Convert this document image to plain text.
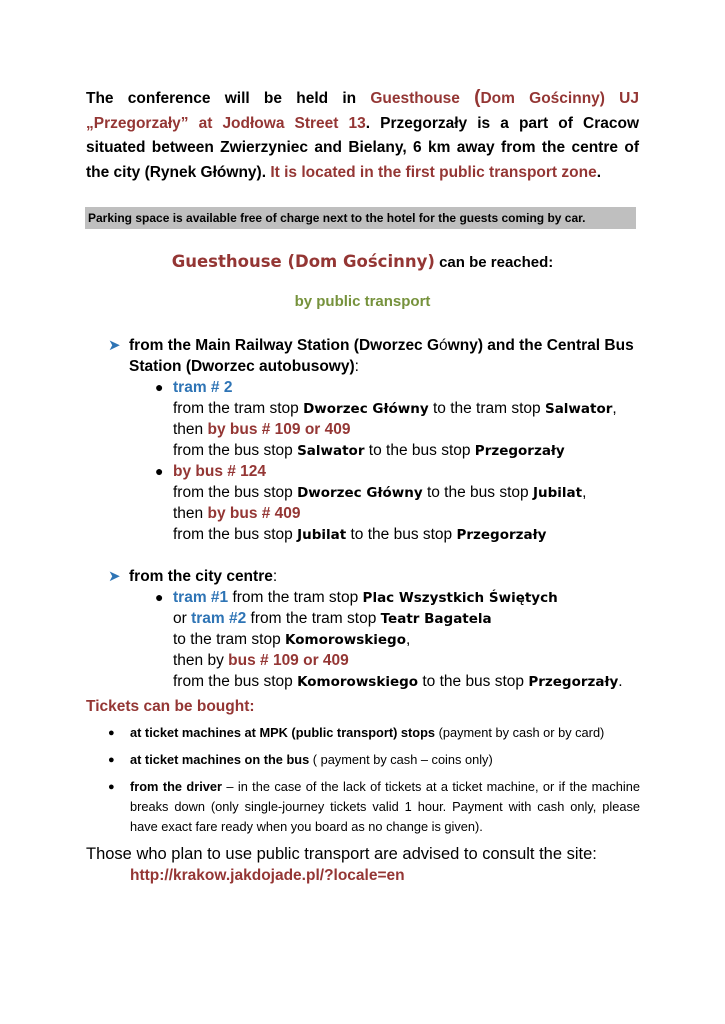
The conference will be held in Guesthouse (Dom Gościnny) UJ „Przegorzały” at Jodłowa Street 13. Przegorzały is a part of Cracow situated between Zwierzyniec and Bielany, 6 km away from the centre of the city (Rynek Główny). It is located in the first public transport zone.
Parking space is available free of charge next to the hotel for the guests coming by car.
Guesthouse (Dom Gościnny) can be reached:
by public transport
➤ from the Main Railway Station (Dworzec Gówny) and the Central Bus Station (Dworzec autobusowy):
● tram # 2
from the tram stop Dworzec Główny to the tram stop Salwator,
then by bus # 109 or 409
from the bus stop Salwator to the bus stop Przegorzały
● by bus # 124
from the bus stop Dworzec Główny to the bus stop Jubilat,
then by bus # 409
from the bus stop Jubilat to the bus stop Przegorzały
➤ from the city centre:
● tram #1 from the tram stop Plac Wszystkich Świętych
or tram #2 from the tram stop Teatr Bagatela
to the tram stop Komorowskiego,
then by bus # 109 or 409
from the bus stop Komorowskiego to the bus stop Przegorzały.
Tickets can be bought:
● at ticket machines at MPK (public transport) stops (payment by cash or by card)
● at ticket machines on the bus ( payment by cash – coins only)
● from the driver – in the case of the lack of tickets at a ticket machine, or if the machine breaks down (only single-journey tickets valid 1 hour. Payment with cash only, please have exact fare ready when you board as no change is given).
Those who plan to use public transport are advised to consult the site:
http://krakow.jakdojade.pl/?locale=en
